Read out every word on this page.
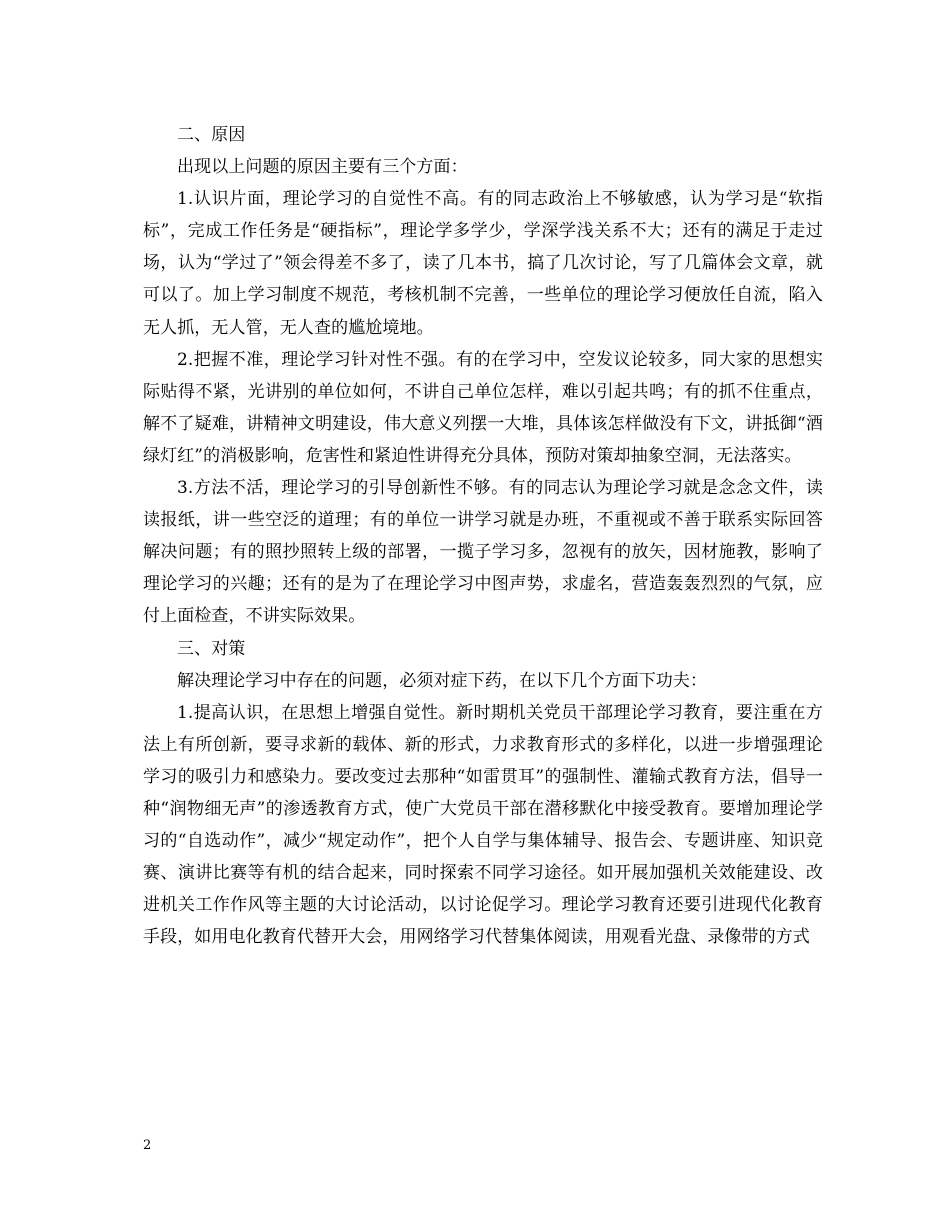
二、原因

出现以上问题的原因主要有三个方面：

1.认识片面，理论学习的自觉性不高。有的同志政治上不够敏感，认为学习是“软指标”，完成工作任务是“硬指标”，理论学多学少，学深学浅关系不大；还有的满足于走过场，认为“学过了”领会得差不多了，读了几本书，搞了几次讨论，写了几篇体会文章，就可以了。加上学习制度不规范，考核机制不完善，一些单位的理论学习便放任自流，陷入无人抓，无人管，无人查的尴尬境地。

2.把握不准，理论学习针对性不强。有的在学习中，空发议论较多，同大家的思想实际贴得不紧，光讲别的单位如何，不讲自己单位怎样，难以引起共鸣；有的抓不住重点，解不了疑难，讲精神文明建设，伟大意义列摆一大堆，具体该怎样做没有下文，讲抵御“酒绿灯红”的消极影响，危害性和紧迫性讲得充分具体，预防对策却抽象空洞，无法落实。

3.方法不活，理论学习的引导创新性不够。有的同志认为理论学习就是念念文件，读读报纸，讲一些空泛的道理；有的单位一讲学习就是办班，不重视或不善于联系实际回答解决问题；有的照抄照转上级的部署，一揽子学习多，忽视有的放矢，因材施教，影响了理论学习的兴趣；还有的是为了在理论学习中图声势，求虚名，营造轰轰烈烈的气氛，应付上面检查，不讲实际效果。

三、对策

解决理论学习中存在的问题，必须对症下药，在以下几个方面下功夫：

1.提高认识，在思想上增强自觉性。新时期机关党员干部理论学习教育，要注重在方法上有所创新，要寻求新的载体、新的形式，力求教育形式的多样化，以进一步增强理论学习的吸引力和感染力。要改变过去那种“如雷贯耳”的强制性、灌输式教育方法，倡导一种“润物细无声”的渗透教育方式，使广大党员干部在潜移默化中接受教育。要增加理论学习的“自选动作”，减少“规定动作”，把个人自学与集体辅导、报告会、专题讲座、知识竞赛、演讲比赛等有机的结合起来，同时探索不同学习途径。如开展加强机关效能建设、改进机关工作作风等主题的大讨论活动，以讨论促学习。理论学习教育还要引进现代化教育手段，如用电化教育代替开大会，用网络学习代替集体阅读，用观看光盘、录像带的方式

2
